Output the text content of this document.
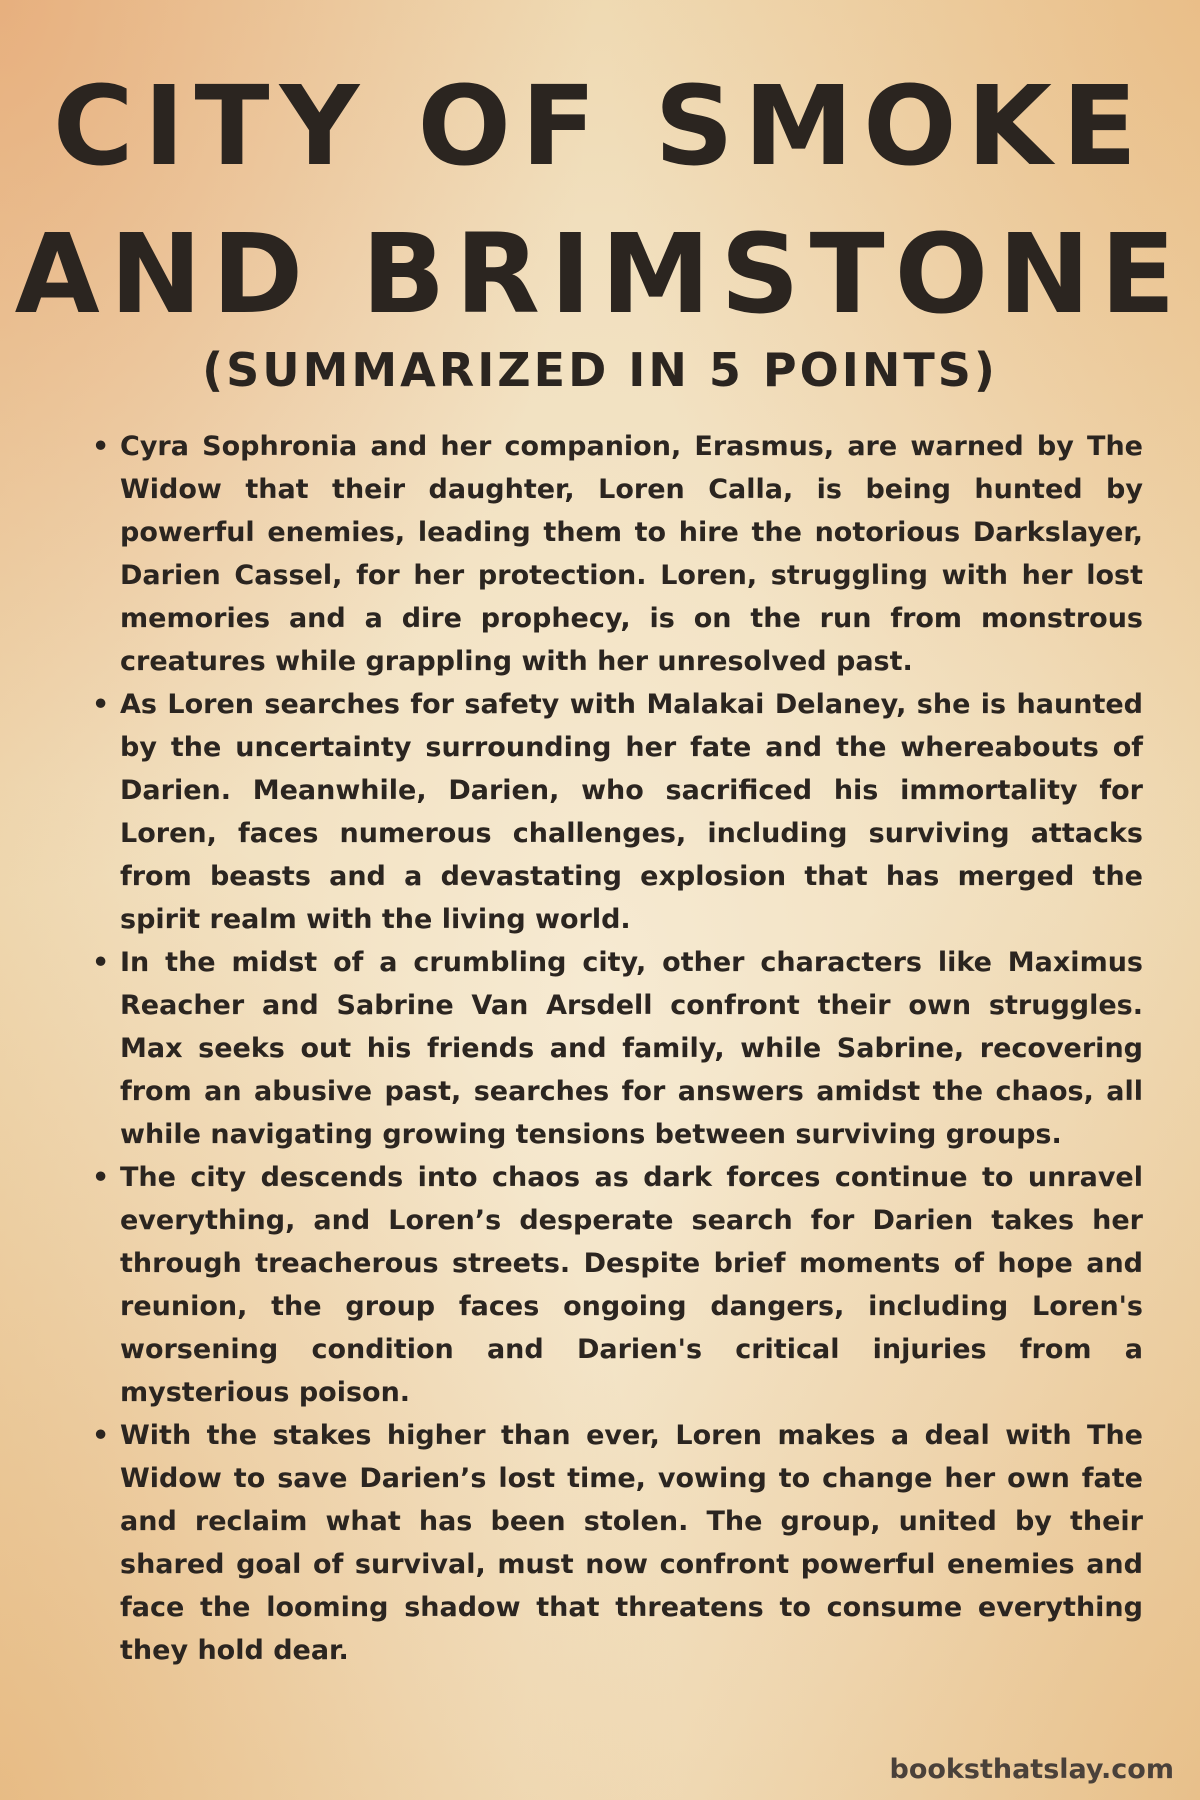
CITY OF SMOKE
AND BRIMSTONE
(SUMMARIZED IN 5 POINTS)
• Cyra Sophronia and her companion, Erasmus, are warned by The Widow that their daughter, Loren Calla, is being hunted by powerful enemies, leading them to hire the notorious Darkslayer, Darien Cassel, for her protection. Loren, struggling with her lost memories and a dire prophecy, is on the run from monstrous creatures while grappling with her unresolved past.
• As Loren searches for safety with Malakai Delaney, she is haunted by the uncertainty surrounding her fate and the whereabouts of Darien. Meanwhile, Darien, who sacrificed his immortality for Loren, faces numerous challenges, including surviving attacks from beasts and a devastating explosion that has merged the spirit realm with the living world.
• In the midst of a crumbling city, other characters like Maximus Reacher and Sabrine Van Arsdell confront their own struggles. Max seeks out his friends and family, while Sabrine, recovering from an abusive past, searches for answers amidst the chaos, all while navigating growing tensions between surviving groups.
• The city descends into chaos as dark forces continue to unravel everything, and Loren’s desperate search for Darien takes her through treacherous streets. Despite brief moments of hope and reunion, the group faces ongoing dangers, including Loren's worsening condition and Darien's critical injuries from a mysterious poison.
• With the stakes higher than ever, Loren makes a deal with The Widow to save Darien’s lost time, vowing to change her own fate and reclaim what has been stolen. The group, united by their shared goal of survival, must now confront powerful enemies and face the looming shadow that threatens to consume everything they hold dear.

booksthatslay.com
